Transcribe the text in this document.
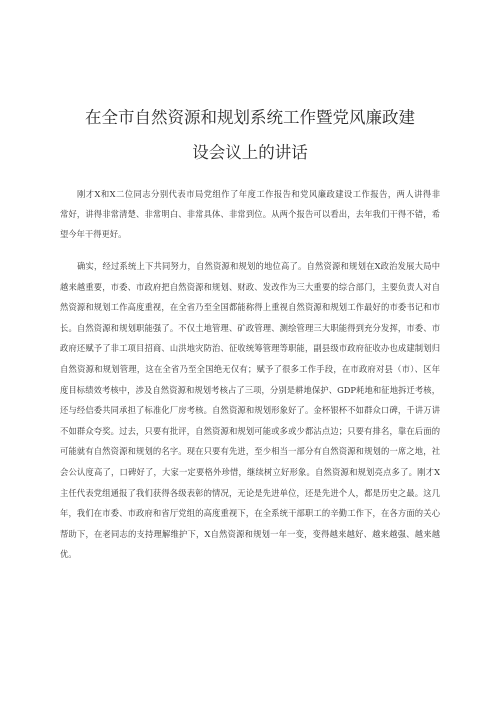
在全市自然资源和规划系统工作暨党风廉政建
设会议上的讲话

刚才X和X二位同志分别代表市局党组作了年度工作报告和党风廉政建设工作报告，两人讲得非
常好，讲得非常清楚、非常明白、非常具体、非常到位。从两个报告可以看出，去年我们干得不错，希
望今年干得更好。

确实，经过系统上下共同努力，自然资源和规划的地位高了。自然资源和规划在X政治发展大局中
越来越重要，市委、市政府把自然资源和规划、财政、发改作为三大重要的综合部门，主要负责人对自
然资源和规划工作高度重视，在全省乃至全国都能称得上重视自然资源和规划工作最好的市委书记和市
长。自然资源和规划职能强了。不仅土地管理、矿政管理、测绘管理三大职能得到充分发挥，市委、市
政府还赋予了非工项目招商、山洪地灾防治、征收统筹管理等职能，副县级市政府征收办也成建制划归
自然资源和规划管理，这在全省乃至全国绝无仅有；赋予了很多工作手段，在市政府对县（市）、区年
度目标绩效考核中，涉及自然资源和规划考核占了三项，分别是耕地保护、GDP耗地和征地拆迁考核，
还与经信委共同承担了标准化厂房考核。自然资源和规划形象好了。金杯银杯不如群众口碑，千讲万讲
不如群众夸奖。过去，只要有批评，自然资源和规划可能或多或少都沾点边；只要有排名，靠在后面的
可能就有自然资源和规划的名字。现在只要有先进，至少相当一部分有自然资源和规划的一席之地，社
会公认度高了，口碑好了，大家一定要格外珍惜，继续树立好形象。自然资源和规划亮点多了。刚才X
主任代表党组通报了我们获得各级表彰的情况，无论是先进单位，还是先进个人，都是历史之最。这几
年，我们在市委、市政府和省厅党组的高度重视下，在全系统干部职工的辛勤工作下，在各方面的关心
帮助下，在老同志的支持理解维护下，X自然资源和规划一年一变，变得越来越好、越来越强、越来越
优。
